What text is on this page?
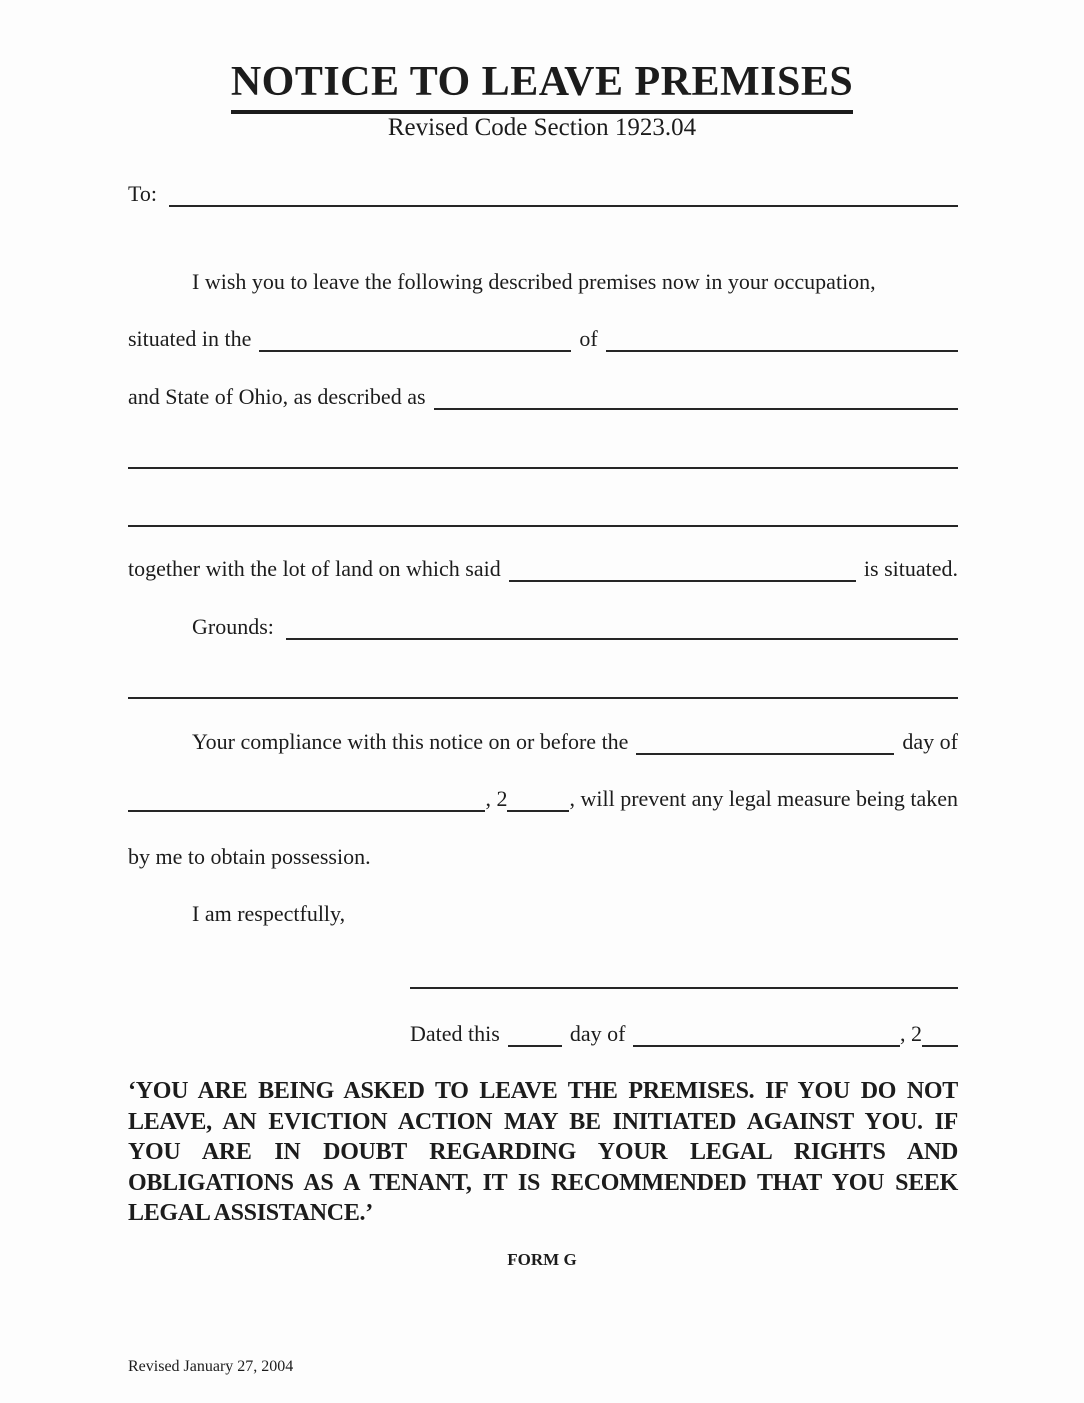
NOTICE TO LEAVE PREMISES
Revised Code Section 1923.04
To:
I wish you to leave the following described premises now in your occupation,
situated in the	of
and State of Ohio, as described as
together with the lot of land on which said	is situated.
Grounds:
Your compliance with this notice on or before the	day of
, 2	, will prevent any legal measure being taken
by me to obtain possession.
I am respectfully,
Dated this	day of	, 2
‘YOU ARE BEING ASKED TO LEAVE THE PREMISES. IF YOU DO NOT
LEAVE, AN EVICTION ACTION MAY BE INITIATED AGAINST YOU. IF
YOU ARE IN DOUBT REGARDING YOUR LEGAL RIGHTS AND
OBLIGATIONS AS A TENANT, IT IS RECOMMENDED THAT YOU SEEK
LEGAL ASSISTANCE.’
FORM G
Revised January 27, 2004
